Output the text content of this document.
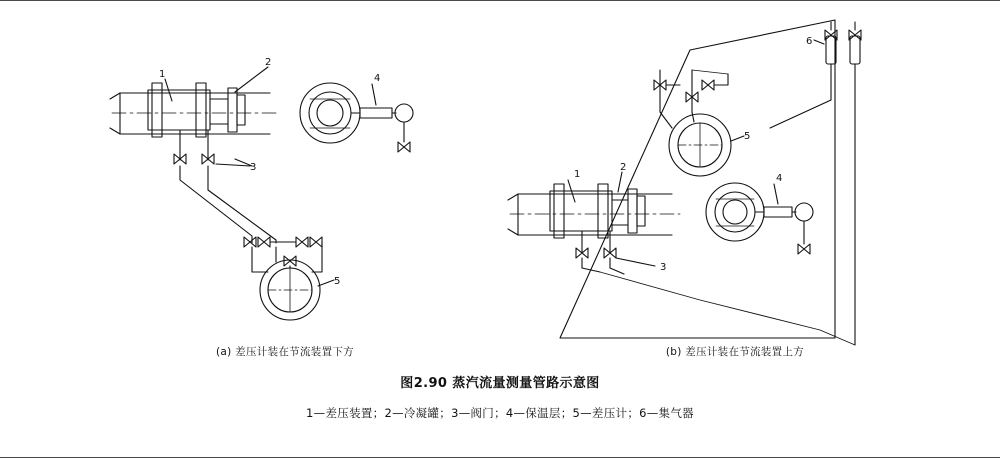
1
2
3
4
5
1
2
3
4
5
6
(a) 差压计装在节流装置下方	(b) 差压计装在节流装置上方
图2.90 蒸汽流量测量管路示意图
1—差压装置；2—冷凝罐；3—阀门；4—保温层；5—差压计；6—集气器
